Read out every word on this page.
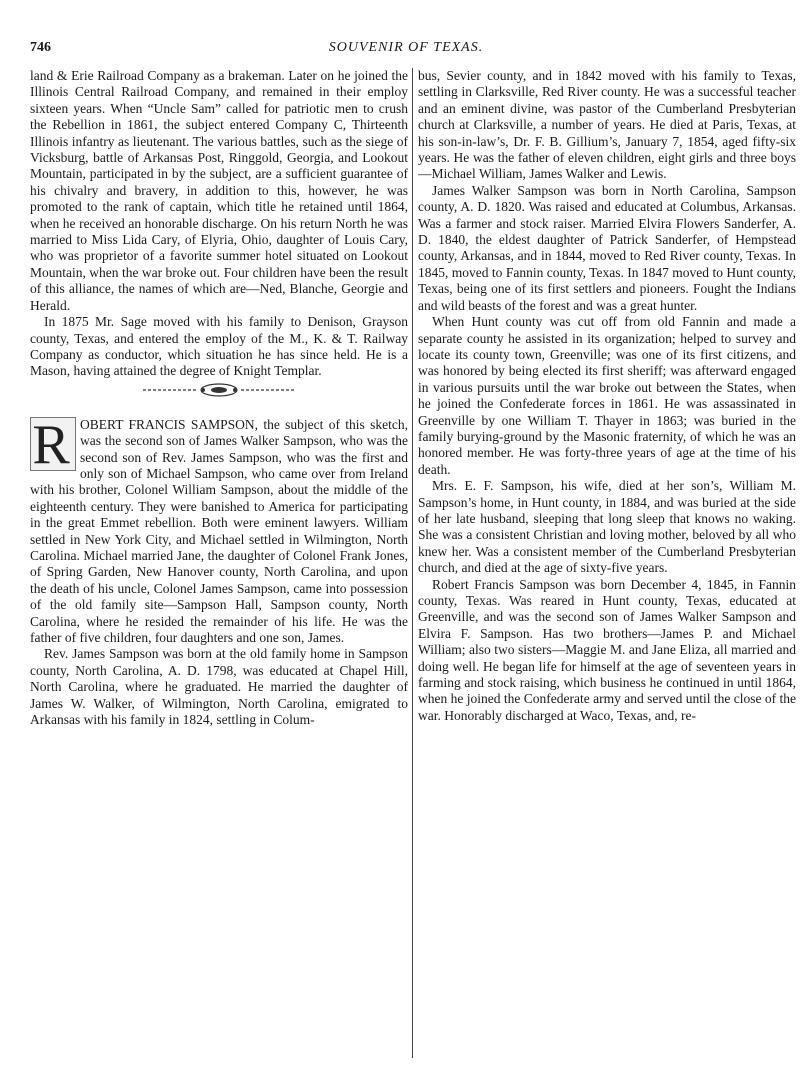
746	SOUVENIR OF TEXAS.

land & Erie Railroad Company as a brakeman. Later on he joined the Illinois Central Railroad Company, and remained in their employ sixteen years. When “Uncle Sam” called for patriotic men to crush the Rebellion in 1861, the subject entered Company C, Thirteenth Illinois infantry as lieutenant. The various battles, such as the siege of Vicksburg, battle of Arkansas Post, Ringgold, Georgia, and Lookout Mountain, participated in by the subject, are a sufficient guarantee of his chivalry and bravery, in addition to this, however, he was promoted to the rank of captain, which title he retained until 1864, when he received an honorable discharge. On his return North he was married to Miss Lida Cary, of Elyria, Ohio, daughter of Louis Cary, who was proprietor of a favorite summer hotel situated on Lookout Mountain, when the war broke out. Four children have been the result of this alliance, the names of which are—Ned, Blanche, Georgie and Herald.

In 1875 Mr. Sage moved with his family to Denison, Grayson county, Texas, and entered the employ of the M., K. & T. Railway Company as conductor, which situation he has since held. He is a Mason, having attained the degree of Knight Templar.

R OBERT FRANCIS SAMPSON, the subject of this sketch, was the second son of James Walker Sampson, who was the second son of Rev. James Sampson, who was the first and only son of Michael Sampson, who came over from Ireland with his brother, Colonel William Sampson, about the middle of the eighteenth century. They were banished to America for participating in the great Emmet rebellion. Both were eminent lawyers. William settled in New York City, and Michael settled in Wilmington, North Carolina. Michael married Jane, the daughter of Colonel Frank Jones, of Spring Garden, New Hanover county, North Carolina, and upon the death of his uncle, Colonel James Sampson, came into possession of the old family site—Sampson Hall, Sampson county, North Carolina, where he resided the remainder of his life. He was the father of five children, four daughters and one son, James.

Rev. James Sampson was born at the old family home in Sampson county, North Carolina, A. D. 1798, was educated at Chapel Hill, North Carolina, where he graduated. He married the daughter of James W. Walker, of Wilmington, North Carolina, emigrated to Arkansas with his family in 1824, settling in Colum-

bus, Sevier county, and in 1842 moved with his family to Texas, settling in Clarksville, Red River county. He was a successful teacher and an eminent divine, was pastor of the Cumberland Presbyterian church at Clarksville, a number of years. He died at Paris, Texas, at his son-in-law’s, Dr. F. B. Gillium’s, January 7, 1854, aged fifty-six years. He was the father of eleven children, eight girls and three boys—Michael William, James Walker and Lewis.

James Walker Sampson was born in North Carolina, Sampson county, A. D. 1820. Was raised and educated at Columbus, Arkansas. Was a farmer and stock raiser. Married Elvira Flowers Sanderfer, A. D. 1840, the eldest daughter of Patrick Sanderfer, of Hempstead county, Arkansas, and in 1844, moved to Red River county, Texas. In 1845, moved to Fannin county, Texas. In 1847 moved to Hunt county, Texas, being one of its first settlers and pioneers. Fought the Indians and wild beasts of the forest and was a great hunter.

When Hunt county was cut off from old Fannin and made a separate county he assisted in its organization; helped to survey and locate its county town, Greenville; was one of its first citizens, and was honored by being elected its first sheriff; was afterward engaged in various pursuits until the war broke out between the States, when he joined the Confederate forces in 1861. He was assassinated in Greenville by one William T. Thayer in 1863; was buried in the family burying-ground by the Masonic fraternity, of which he was an honored member. He was forty-three years of age at the time of his death.

Mrs. E. F. Sampson, his wife, died at her son’s, William M. Sampson’s home, in Hunt county, in 1884, and was buried at the side of her late husband, sleeping that long sleep that knows no waking. She was a consistent Christian and loving mother, beloved by all who knew her. Was a consistent member of the Cumberland Presbyterian church, and died at the age of sixty-five years.

Robert Francis Sampson was born December 4, 1845, in Fannin county, Texas. Was reared in Hunt county, Texas, educated at Greenville, and was the second son of James Walker Sampson and Elvira F. Sampson. Has two brothers—James P. and Michael William; also two sisters—Maggie M. and Jane Eliza, all married and doing well. He began life for himself at the age of seventeen years in farming and stock raising, which business he continued in until 1864, when he joined the Confederate army and served until the close of the war. Honorably discharged at Waco, Texas, and, re-
